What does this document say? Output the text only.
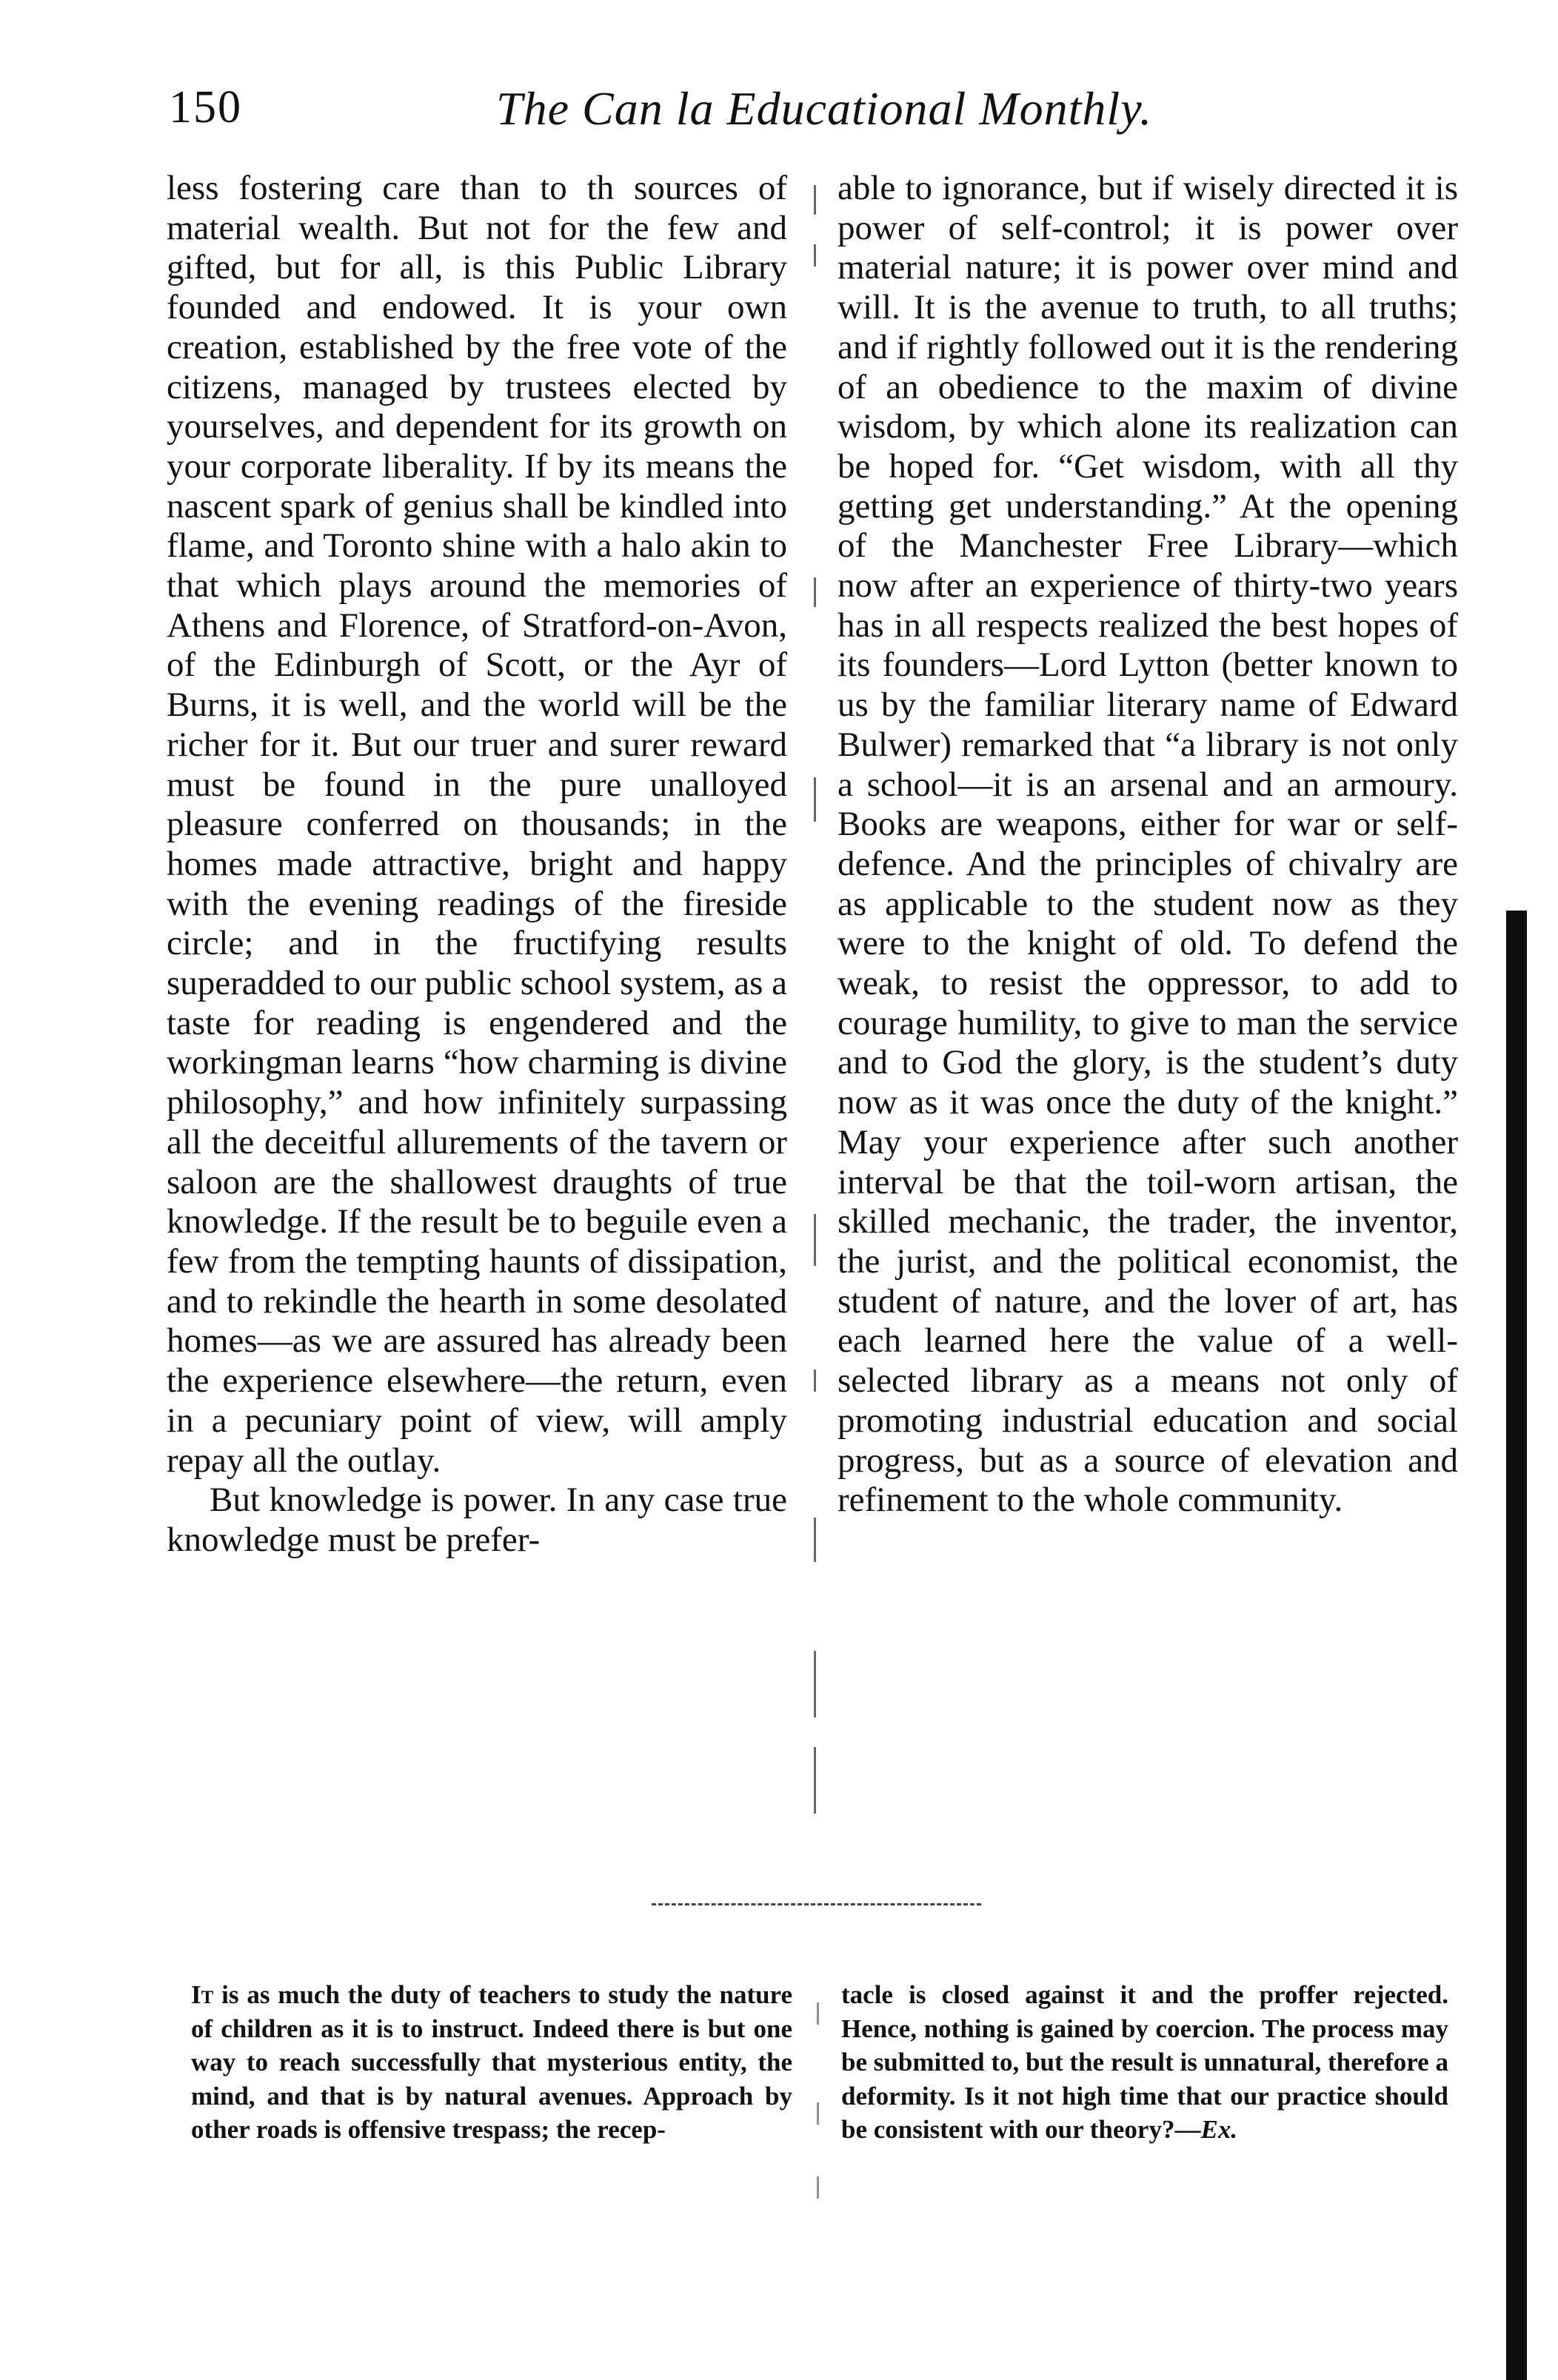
150	The Can la Educational Monthly.

less fostering care than to th sources of material wealth. But not for the few and gifted, but for all, is this Public Library founded and endowed. It is your own creation, established by the free vote of the citizens, managed by trustees elected by yourselves, and dependent for its growth on your corporate liberality. If by its means the nascent spark of genius shall be kindled into flame, and Toronto shine with a halo akin to that which plays around the memories of Athens and Florence, of Stratford-on-Avon, of the Edinburgh of Scott, or the Ayr of Burns, it is well, and the world will be the richer for it. But our truer and surer reward must be found in the pure unalloyed pleasure conferred on thousands; in the homes made attractive, bright and happy with the evening readings of the fireside circle; and in the fructifying results superadded to our public school system, as a taste for reading is engendered and the workingman learns “how charming is divine philosophy,” and how infinitely surpassing all the deceitful allurements of the tavern or saloon are the shallowest draughts of true knowledge. If the result be to beguile even a few from the tempting haunts of dissipation, and to rekindle the hearth in some desolated homes—as we are assured has already been the experience elsewhere—the return, even in a pecuniary point of view, will amply repay all the outlay.

But knowledge is power. In any case true knowledge must be prefer-

able to ignorance, but if wisely directed it is power of self-control; it is power over material nature; it is power over mind and will. It is the avenue to truth, to all truths; and if rightly followed out it is the rendering of an obedience to the maxim of divine wisdom, by which alone its realization can be hoped for. “Get wisdom, with all thy getting get understanding.” At the opening of the Manchester Free Library—which now after an experience of thirty-two years has in all respects realized the best hopes of its founders—Lord Lytton (better known to us by the familiar literary name of Edward Bulwer) remarked that “a library is not only a school—it is an arsenal and an armoury. Books are weapons, either for war or self-defence. And the principles of chivalry are as applicable to the student now as they were to the knight of old. To defend the weak, to resist the oppressor, to add to courage humility, to give to man the service and to God the glory, is the student’s duty now as it was once the duty of the knight.” May your experience after such another interval be that the toil-worn artisan, the skilled mechanic, the trader, the inventor, the jurist, and the political economist, the student of nature, and the lover of art, has each learned here the value of a well-selected library as a means not only of promoting industrial education and social progress, but as a source of elevation and refinement to the whole community.

It is as much the duty of teachers to study the nature of children as it is to instruct. Indeed there is but one way to reach successfully that mysterious entity, the mind, and that is by natural avenues. Approach by other roads is offensive trespass; the recep-

tacle is closed against it and the proffer rejected. Hence, nothing is gained by coercion. The process may be submitted to, but the result is unnatural, therefore a deformity. Is it not high time that our practice should be consistent with our theory?—Ex.
